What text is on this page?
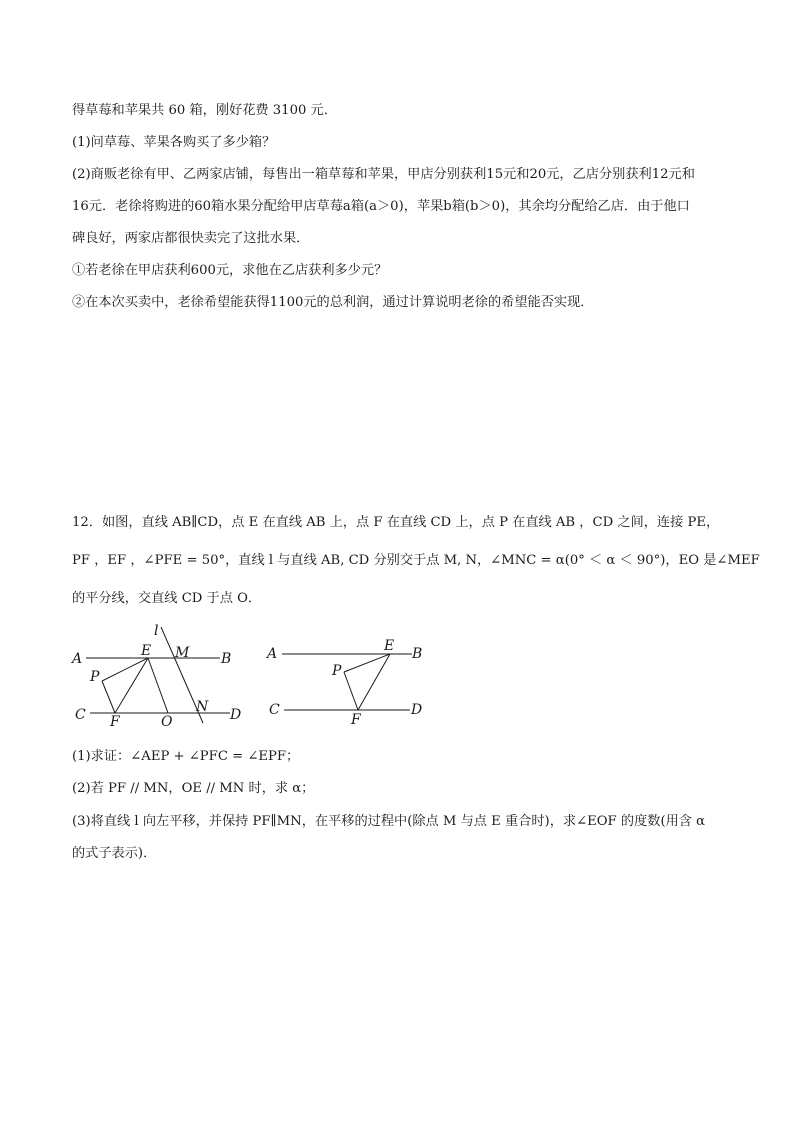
得草莓和苹果共 60 箱，刚好花费 3100 元．

(1)问草莓、苹果各购买了多少箱？

(2)商贩老徐有甲、乙两家店铺，每售出一箱草莓和苹果，甲店分别获利15元和20元，乙店分别获利12元和

16元．老徐将购进的60箱水果分配给甲店草莓a箱(a＞0)，苹果b箱(b＞0)，其余均分配给乙店．由于他口

碑良好，两家店都很快卖完了这批水果．

①若老徐在甲店获利600元，求他在乙店获利多少元？

②在本次买卖中，老徐希望能获得1100元的总利润，通过计算说明老徐的希望能否实现．

12．如图，直线 AB∥CD，点 E 在直线 AB 上，点 F 在直线 CD 上，点 P 在直线 AB ，CD 之间，连接 PE，

PF ，EF ，∠PFE = 50°，直线 l 与直线 AB, CD 分别交于点 M, N，∠MNC = α(0° ＜ α ＜ 90°)，EO 是∠MEF

的平分线，交直线 CD 于点 O．

A	B
C	D
E
F
M
N
O
P
l
A	B
C	D
E
F
P

(1)求证：∠AEP + ∠PFC = ∠EPF；

(2)若 PF // MN，OE // MN 时，求 α；

(3)将直线 l 向左平移，并保持 PF∥MN，在平移的过程中(除点 M 与点 E 重合时)，求∠EOF 的度数(用含 α

的式子表示)．
